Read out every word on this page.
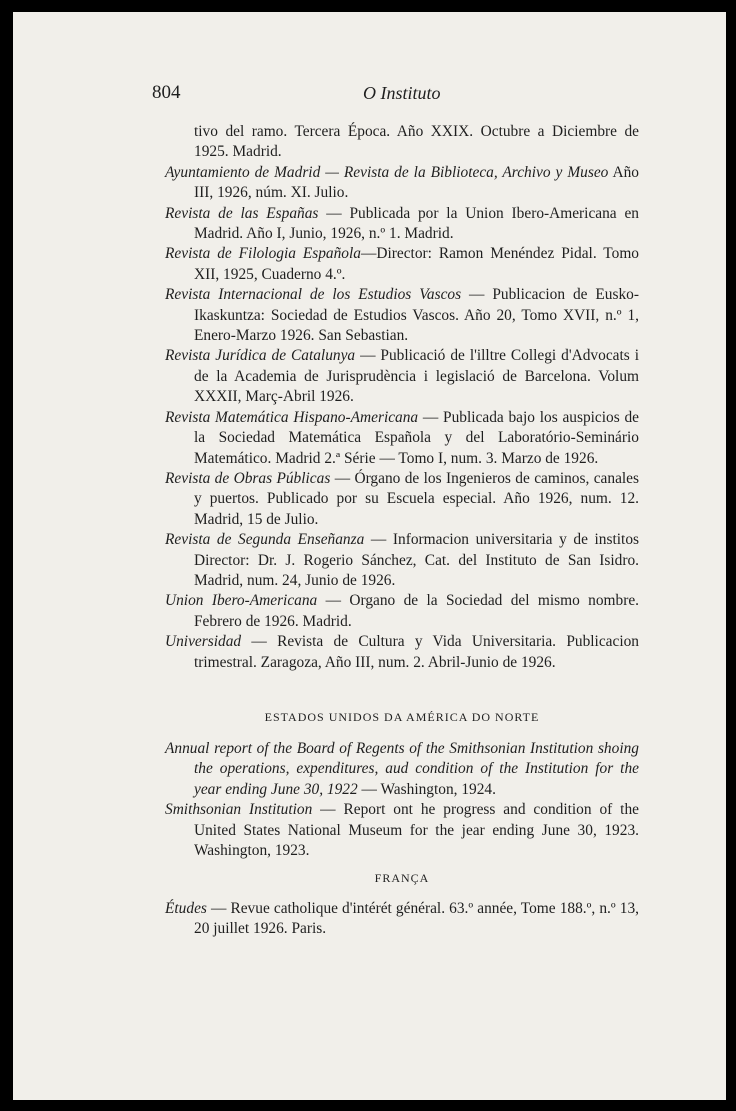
804	O Instituto

tivo del ramo. Tercera Época. Año XXIX. Octubre a Diciembre de 1925. Madrid.

Ayuntamiento de Madrid — Revista de la Biblioteca, Archivo y Museo Año III, 1926, núm. XI. Julio.

Revista de las Españas — Publicada por la Union Ibero-Americana en Madrid. Año I, Junio, 1926, n.º 1. Madrid.

Revista de Filologia Española—Director: Ramon Menéndez Pidal. Tomo XII, 1925, Cuaderno 4.º.

Revista Internacional de los Estudios Vascos — Publicacion de Eusko-Ikaskuntza: Sociedad de Estudios Vascos. Año 20, Tomo XVII, n.º 1, Enero-Marzo 1926. San Sebastian.

Revista Jurídica de Catalunya — Publicació de l'illtre Collegi d'Advocats i de la Academia de Jurisprudència i legislació de Barcelona. Volum XXXII, Març-Abril 1926.

Revista Matemática Hispano-Americana — Publicada bajo los auspicios de la Sociedad Matemática Española y del Laboratório-Seminário Matemático. Madrid 2.ª Série — Tomo I, num. 3. Marzo de 1926.

Revista de Obras Públicas — Órgano de los Ingenieros de caminos, canales y puertos. Publicado por su Escuela especial. Año 1926, num. 12. Madrid, 15 de Julio.

Revista de Segunda Enseñanza — Informacion universitaria y de institos Director: Dr. J. Rogerio Sánchez, Cat. del Instituto de San Isidro. Madrid, num. 24, Junio de 1926.

Union Ibero-Americana — Organo de la Sociedad del mismo nombre. Febrero de 1926. Madrid.

Universidad — Revista de Cultura y Vida Universitaria. Publicacion trimestral. Zaragoza, Año III, num. 2. Abril-Junio de 1926.

ESTADOS UNIDOS DA AMÉRICA DO NORTE

Annual report of the Board of Regents of the Smithsonian Institution shoing the operations, expenditures, aud condition of the Institution for the year ending June 30, 1922 — Washington, 1924.

Smithsonian Institution — Report ont he progress and condition of the United States National Museum for the jear ending June 30, 1923. Washington, 1923.

FRANÇA

Études — Revue catholique d'intérét général. 63.º année, Tome 188.º, n.º 13, 20 juillet 1926. Paris.
